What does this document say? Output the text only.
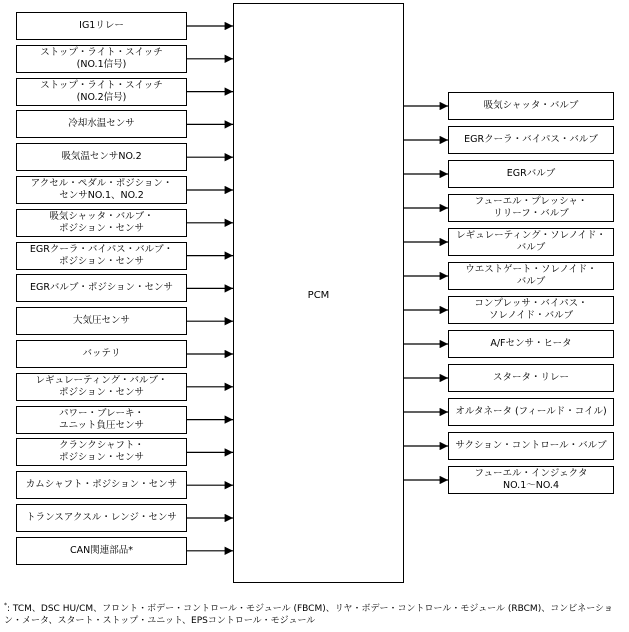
PCM
IG1リレー
ストップ・ライト・スイッチ
(NO.1信号)
ストップ・ライト・スイッチ
(NO.2信号)
冷却水温センサ
吸気温センサNO.2
アクセル・ペダル・ポジション・
センサNO.1、NO.2
吸気シャッタ・バルブ・
ポジション・センサ
EGRクーラ・バイパス・バルブ・
ポジション・センサ
EGRバルブ・ポジション・センサ
大気圧センサ
バッテリ
レギュレーティング・バルブ・
ポジション・センサ
パワー・ブレーキ・
ユニット負圧センサ
クランクシャフト・
ポジション・センサ
カムシャフト・ポジション・センサ
トランスアクスル・レンジ・センサ
CAN関連部品*
吸気シャッタ・バルブ
EGRクーラ・バイパス・バルブ
EGRバルブ
フューエル・プレッシャ・
リリーフ・バルブ
レギュレーティング・ソレノイド・
バルブ
ウエストゲート・ソレノイド・
バルブ
コンプレッサ・バイパス・
ソレノイド・バルブ
A/Fセンサ・ヒータ
スタータ・リレー
オルタネータ (フィールド・コイル)
サクション・コントロール・バルブ
フューエル・インジェクタ
NO.1〜NO.4
*: TCM、DSC HU/CM、フロント・ボデー・コントロール・モジュール (FBCM)、リヤ・ボデー・コントロール・モジュール (RBCM)、コンビネーション・メータ、スタート・ストップ・ユニット、EPSコントロール・モジュール
